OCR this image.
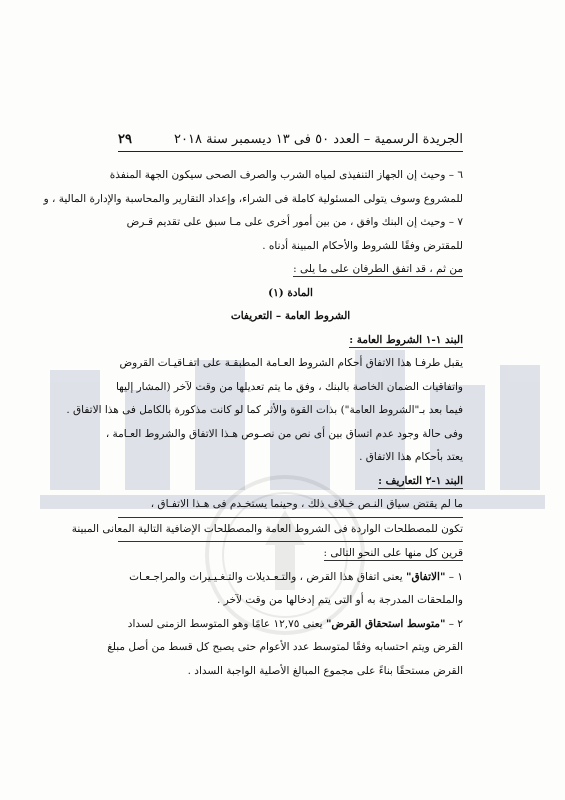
الجريدة الرسمية – العدد ٥٠ فى ١٣ ديسمبر سنة ٢٠١٨
٢٩
٦ – وحيث إن الجهاز التنفيذى لمياه الشرب والصرف الصحى سيكون الجهة المنفذة
للمشروع وسوف يتولى المسئولية كاملة فى الشراء، وإعداد التقارير والمحاسبة والإدارة المالية ، و
٧ – وحيث إن البنك وافق ، من بين أمور أخرى على مـا سبق على تقديم قـرض
للمقترض وفقًا للشروط والأحكام المبينة أدناه .
من ثم ، قد اتفق الطرفان على ما يلى :
المادة (١)
الشروط العامة – التعريفات
البند ١-١ الشروط العامة :
يقبل طرفـا هذا الاتفاق أحكام الشروط العـامة المطبقـة على اتفـاقيـات القروض
واتفاقيات الضمان الخاصة بالبنك ، وفق ما يتم تعديلها من وقت لآخر (المشار إليها
فيما بعد بـ"الشروط العامة") بذات القوة والأثر كما لو كانت مذكورة بالكامل فى هذا الاتفاق .
وفى حالة وجود عدم اتساق بين أى نص من نصـوص هـذا الاتفاق والشروط العـامة ،
يعتد بأحكام هذا الاتفاق .
البند ١-٢ التعاريف :
ما لم يقتض سياق النـص خـلاف ذلك ، وحينما يستخـدم فى هـذا الاتفـاق ،
تكون للمصطلحات الواردة فى الشروط العامة والمصطلحات الإضافية التالية المعانى المبينة
قرين كل منها على النحو التالى :
١ – "الاتفاق" يعنى اتفاق هذا القرض ، والتـعـديلات والتـغـيـيرات والمراجـعـات
والملحقات المدرجة به أو التى يتم إدخالها من وقت لآخر .
٢ – "متوسط استحقاق القرض" يعنى ١٢,٧٥ عامًا وهو المتوسط الزمنى لسداد
القرض ويتم احتسابه وفقًا لمتوسط عدد الأعوام حتى يصبح كل قسط من أصل مبلغ
القرض مستحقًا بناءً على مجموع المبالغ الأصلية الواجبة السداد .
